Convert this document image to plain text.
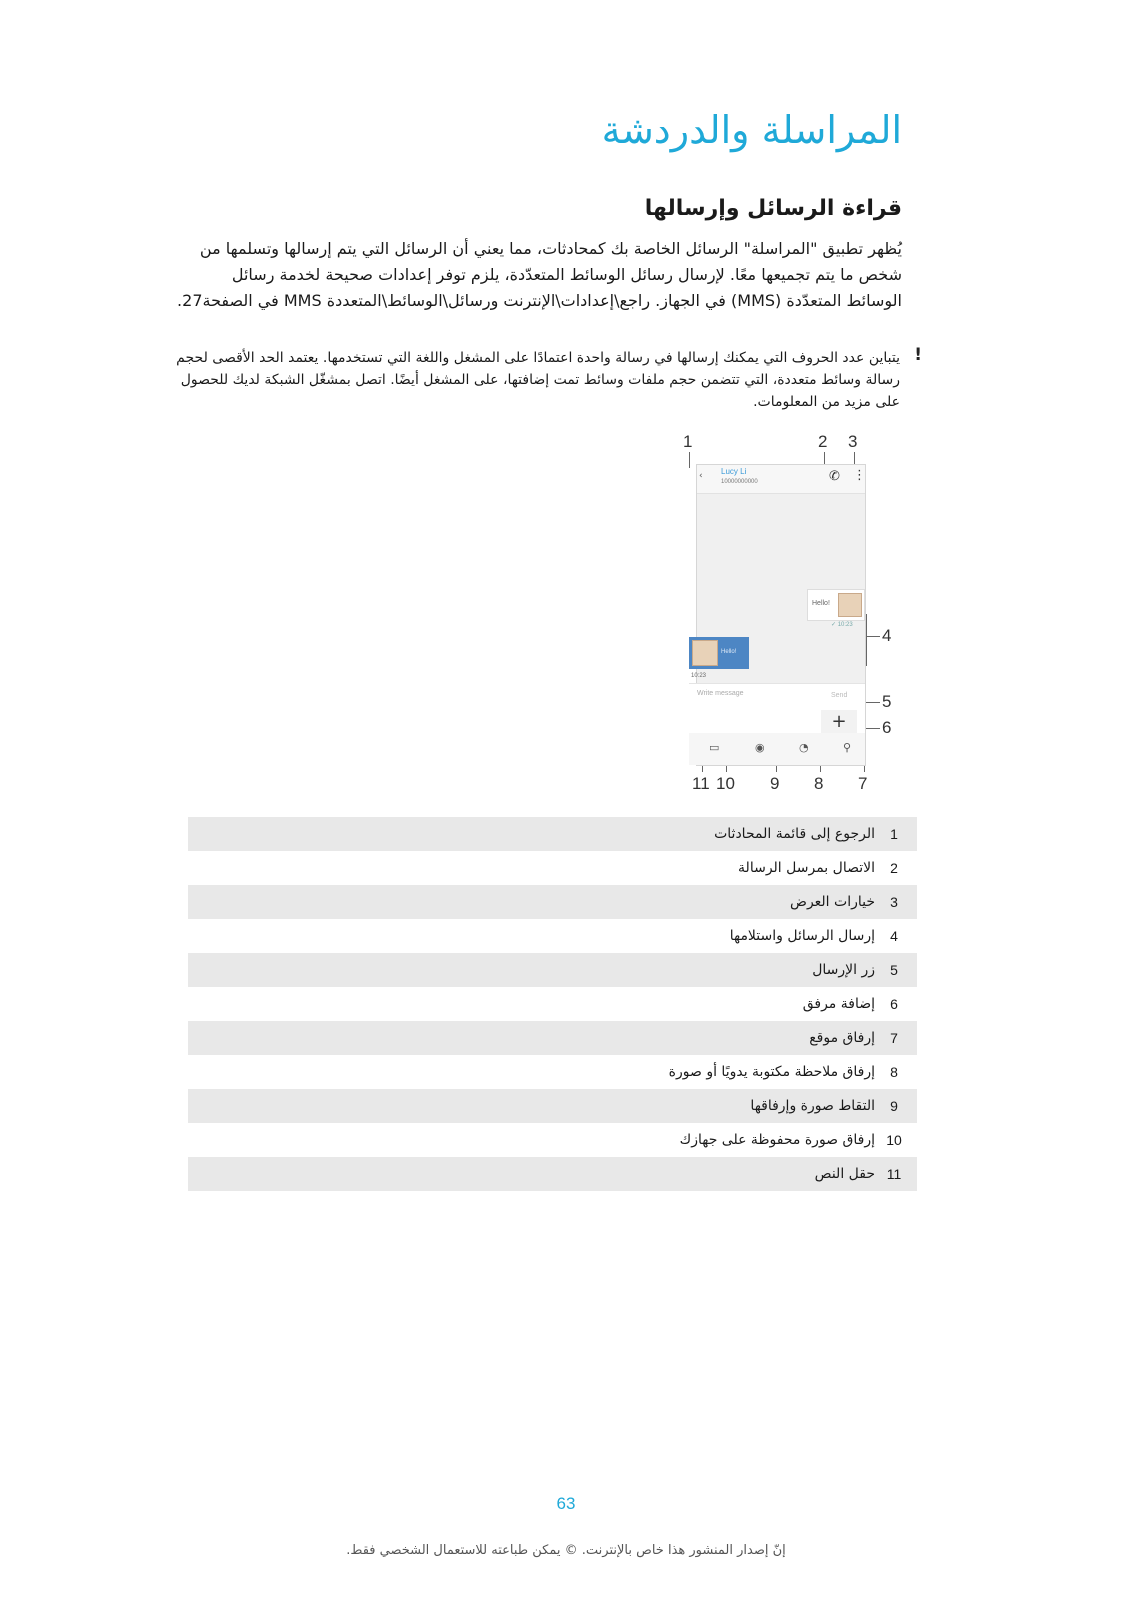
المراسلة والدردشة
قراءة الرسائل وإرسالها
يُظهر تطبيق "المراسلة" الرسائل الخاصة بك كمحادثات، مما يعني أن الرسائل التي يتم إرسالها وتسلمها من شخص ما يتم تجميعها معًا. لإرسال رسائل الوسائط المتعدّدة، يلزم توفر إعدادات صحيحة لخدمة رسائل الوسائط المتعدّدة (MMS) في الجهاز. راجع\إعدادات\الإنترنت ورسائل\الوسائط\المتعددة MMS في الصفحة27.
!
يتباين عدد الحروف التي يمكنك إرسالها في رسالة واحدة اعتمادًا على المشغل واللغة التي تستخدمها. يعتمد الحد الأقصى لحجم رسالة وسائط متعددة، التي تتضمن حجم ملفات وسائط تمت إضافتها، على المشغل أيضًا. اتصل بمشغّل الشبكة لديك للحصول على مزيد من المعلومات.
1	2 3
4
5
6
7
8
9
10
11
‹ Lucy Li
10000000000	✆ ⋮
Hello!
✓ 10:23
Hello!
10:23
Write message	Send
+
▭	◉	◔	⚲
1
الرجوع إلى قائمة المحادثات
2
الاتصال بمرسل الرسالة
3
خيارات العرض
4
إرسال الرسائل واستلامها
5
زر الإرسال
6
إضافة مرفق
7
إرفاق موقع
8
إرفاق ملاحظة مكتوبة يدويًا أو صورة
9
التقاط صورة وإرفاقها
10
إرفاق صورة محفوظة على جهازك
11
حقل النص
63
إنّ إصدار المنشور هذا خاص بالإنترنت. © يمكن طباعته للاستعمال الشخصي فقط.
